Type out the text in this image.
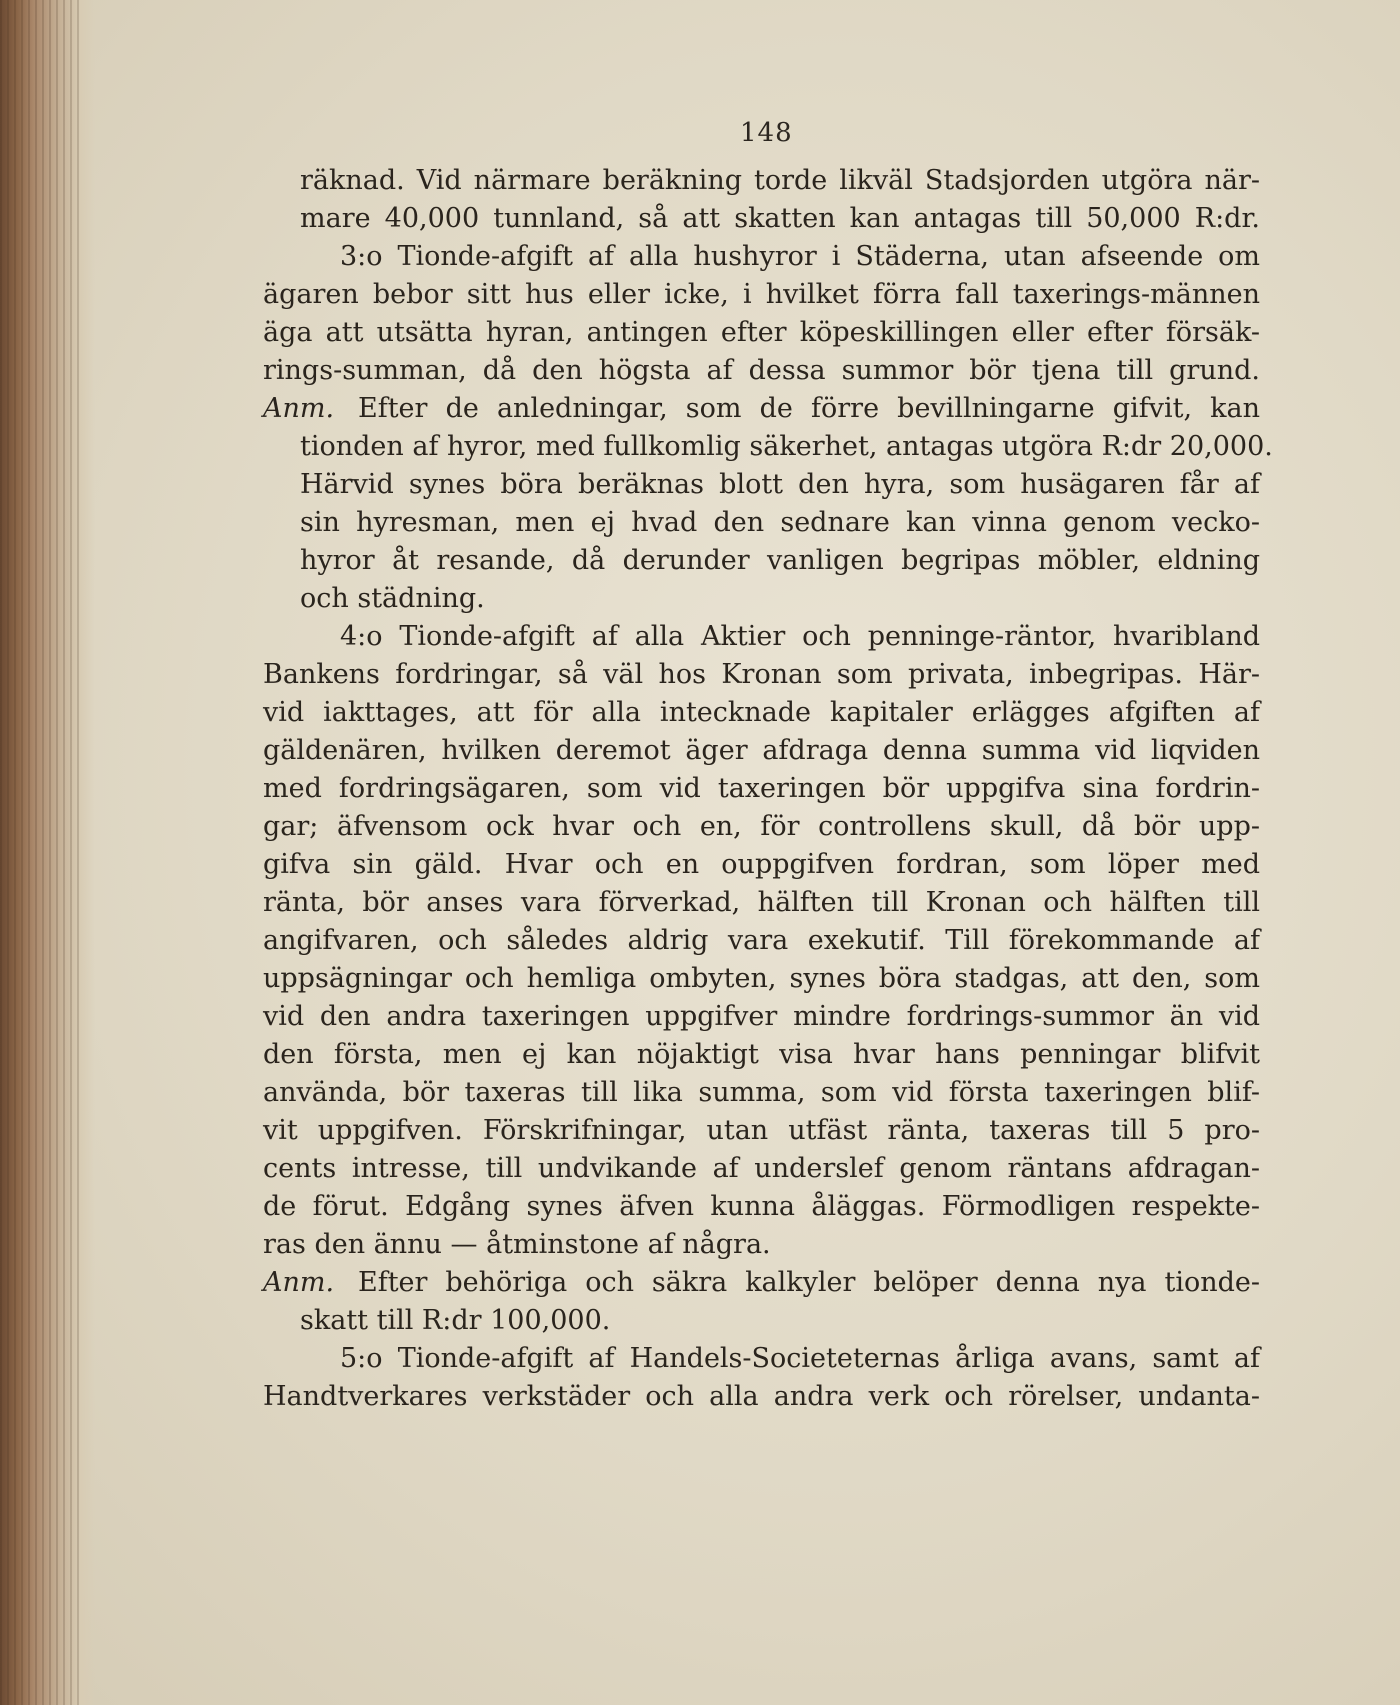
148
räknad. Vid närmare beräkning torde likväl Stadsjorden utgöra när-
mare 40,000 tunnland, så att skatten kan antagas till 50,000 R:dr.
3:o Tionde-afgift af alla hushyror i Städerna, utan afseende om
ägaren bebor sitt hus eller icke, i hvilket förra fall taxerings-männen
äga att utsätta hyran, antingen efter köpeskillingen eller efter försäk-
rings-summan, då den högsta af dessa summor bör tjena till grund.
Anm. Efter de anledningar, som de förre bevillningarne gifvit, kan
tionden af hyror, med fullkomlig säkerhet, antagas utgöra R:dr 20,000.
Härvid synes böra beräknas blott den hyra, som husägaren får af
sin hyresman, men ej hvad den sednare kan vinna genom vecko-
hyror åt resande, då derunder vanligen begripas möbler, eldning
och städning.
4:o Tionde-afgift af alla Aktier och penninge-räntor, hvaribland
Bankens fordringar, så väl hos Kronan som privata, inbegripas. Här-
vid iakttages, att för alla intecknade kapitaler erlägges afgiften af
gäldenären, hvilken deremot äger afdraga denna summa vid liqviden
med fordringsägaren, som vid taxeringen bör uppgifva sina fordrin-
gar; äfvensom ock hvar och en, för controllens skull, då bör upp-
gifva sin gäld. Hvar och en ouppgifven fordran, som löper med
ränta, bör anses vara förverkad, hälften till Kronan och hälften till
angifvaren, och således aldrig vara exekutif. Till förekommande af
uppsägningar och hemliga ombyten, synes böra stadgas, att den, som
vid den andra taxeringen uppgifver mindre fordrings-summor än vid
den första, men ej kan nöjaktigt visa hvar hans penningar blifvit
använda, bör taxeras till lika summa, som vid första taxeringen blif-
vit uppgifven. Förskrifningar, utan utfäst ränta, taxeras till 5 pro-
cents intresse, till undvikande af underslef genom räntans afdragan-
de förut. Edgång synes äfven kunna åläggas. Förmodligen respekte-
ras den ännu — åtminstone af några.
Anm. Efter behöriga och säkra kalkyler belöper denna nya tionde-
skatt till R:dr 100,000.
5:o Tionde-afgift af Handels-Societeternas årliga avans, samt af
Handtverkares verkstäder och alla andra verk och rörelser, undanta-
